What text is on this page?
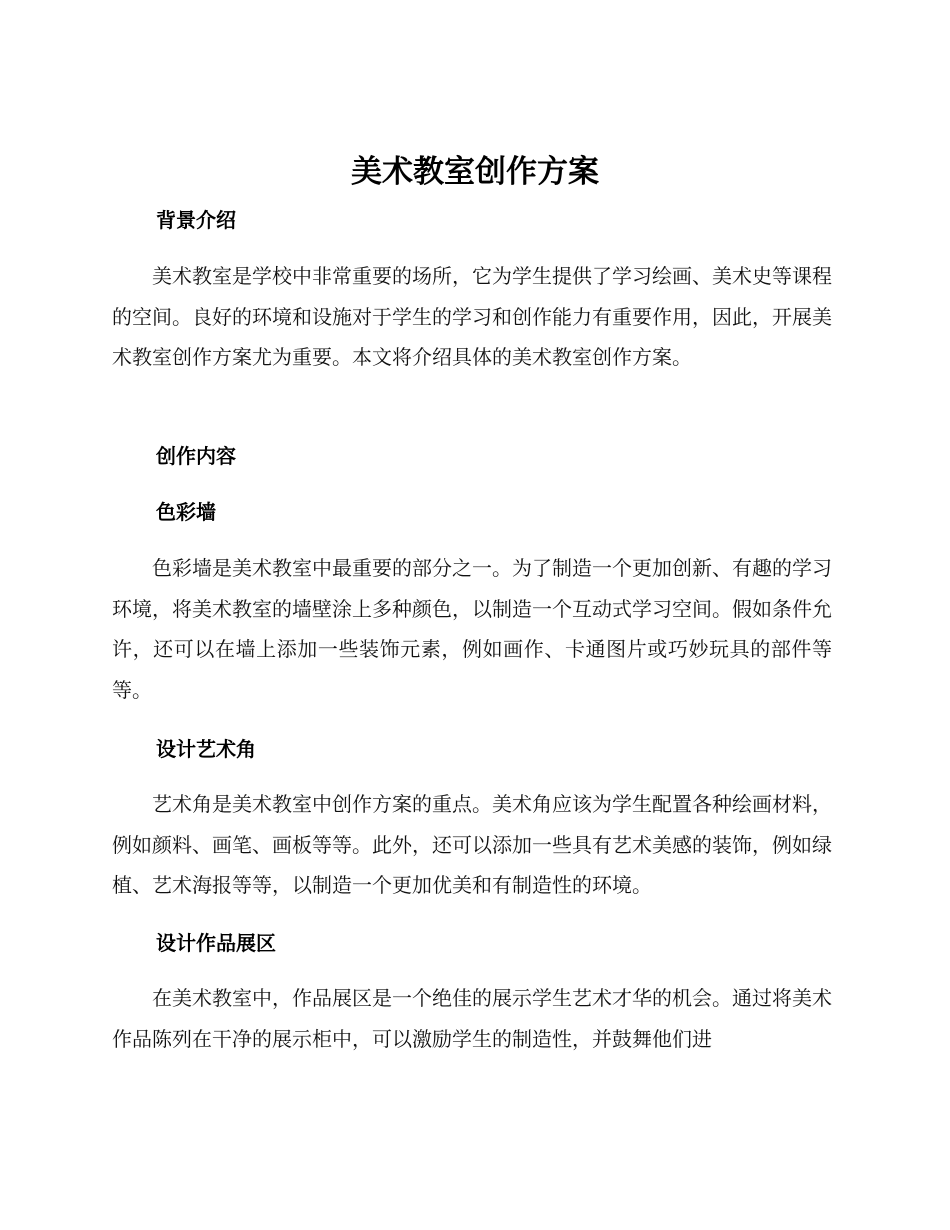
美术教室创作方案
背景介绍

美术教室是学校中非常重要的场所，它为学生提供了学习绘画、美术史等课程的空间。良好的环境和设施对于学生的学习和创作能力有重要作用，因此，开展美术教室创作方案尤为重要。本文将介绍具体的美术教室创作方案。

创作内容
色彩墙

色彩墙是美术教室中最重要的部分之一。为了制造一个更加创新、有趣的学习环境，将美术教室的墙壁涂上多种颜色，以制造一个互动式学习空间。假如条件允许，还可以在墙上添加一些装饰元素，例如画作、卡通图片或巧妙玩具的部件等等。

设计艺术角

艺术角是美术教室中创作方案的重点。美术角应该为学生配置各种绘画材料，例如颜料、画笔、画板等等。此外，还可以添加一些具有艺术美感的装饰，例如绿植、艺术海报等等，以制造一个更加优美和有制造性的环境。

设计作品展区

在美术教室中，作品展区是一个绝佳的展示学生艺术才华的机会。通过将美术作品陈列在干净的展示柜中，可以激励学生的制造性，并鼓舞他们进
